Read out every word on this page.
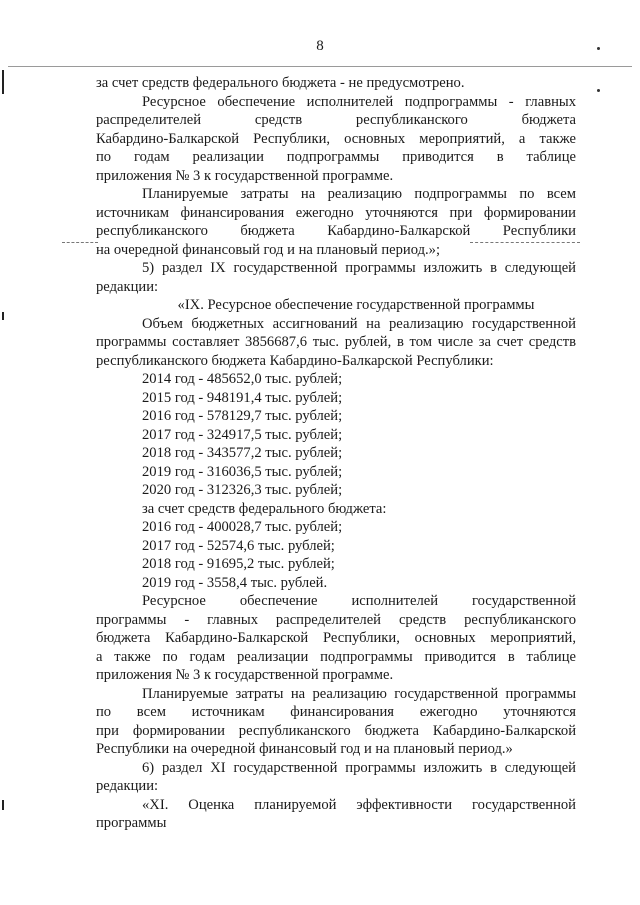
8

за счет средств федерального бюджета - не предусмотрено.

Ресурсное обеспечение исполнителей подпрограммы - главных

распределителей средств республиканского бюджета

Кабардино-Балкарской Республики, основных мероприятий, а также

по годам реализации подпрограммы приводится в таблице

приложения № 3 к государственной программе.

Планируемые затраты на реализацию подпрограммы по всем

источникам финансирования ежегодно уточняются при формировании

республиканского бюджета Кабардино-Балкарской Республики

на очередной финансовый год и на плановый период.»;

5) раздел IX государственной программы изложить в следующей

редакции:

«IX. Ресурсное обеспечение государственной программы

Объем бюджетных ассигнований на реализацию государственной

программы составляет 3856687,6 тыс. рублей, в том числе за счет средств

республиканского бюджета Кабардино-Балкарской Республики:

2014 год - 485652,0 тыс. рублей;

2015 год - 948191,4 тыс. рублей;

2016 год - 578129,7 тыс. рублей;

2017 год - 324917,5 тыс. рублей;

2018 год - 343577,2 тыс. рублей;

2019 год - 316036,5 тыс. рублей;

2020 год - 312326,3 тыс. рублей;

за счет средств федерального бюджета:

2016 год - 400028,7 тыс. рублей;

2017 год - 52574,6 тыс. рублей;

2018 год - 91695,2 тыс. рублей;

2019 год - 3558,4 тыс. рублей.

Ресурсное обеспечение исполнителей государственной

программы - главных распределителей средств республиканского

бюджета Кабардино-Балкарской Республики, основных мероприятий,

а также по годам реализации подпрограммы приводится в таблице

приложения № 3 к государственной программе.

Планируемые затраты на реализацию государственной программы

по всем источникам финансирования ежегодно уточняются

при формировании республиканского бюджета Кабардино-Балкарской

Республики на очередной финансовый год и на плановый период.»

6) раздел XI государственной программы изложить в следующей

редакции:

«XI. Оценка планируемой эффективности государственной

программы
